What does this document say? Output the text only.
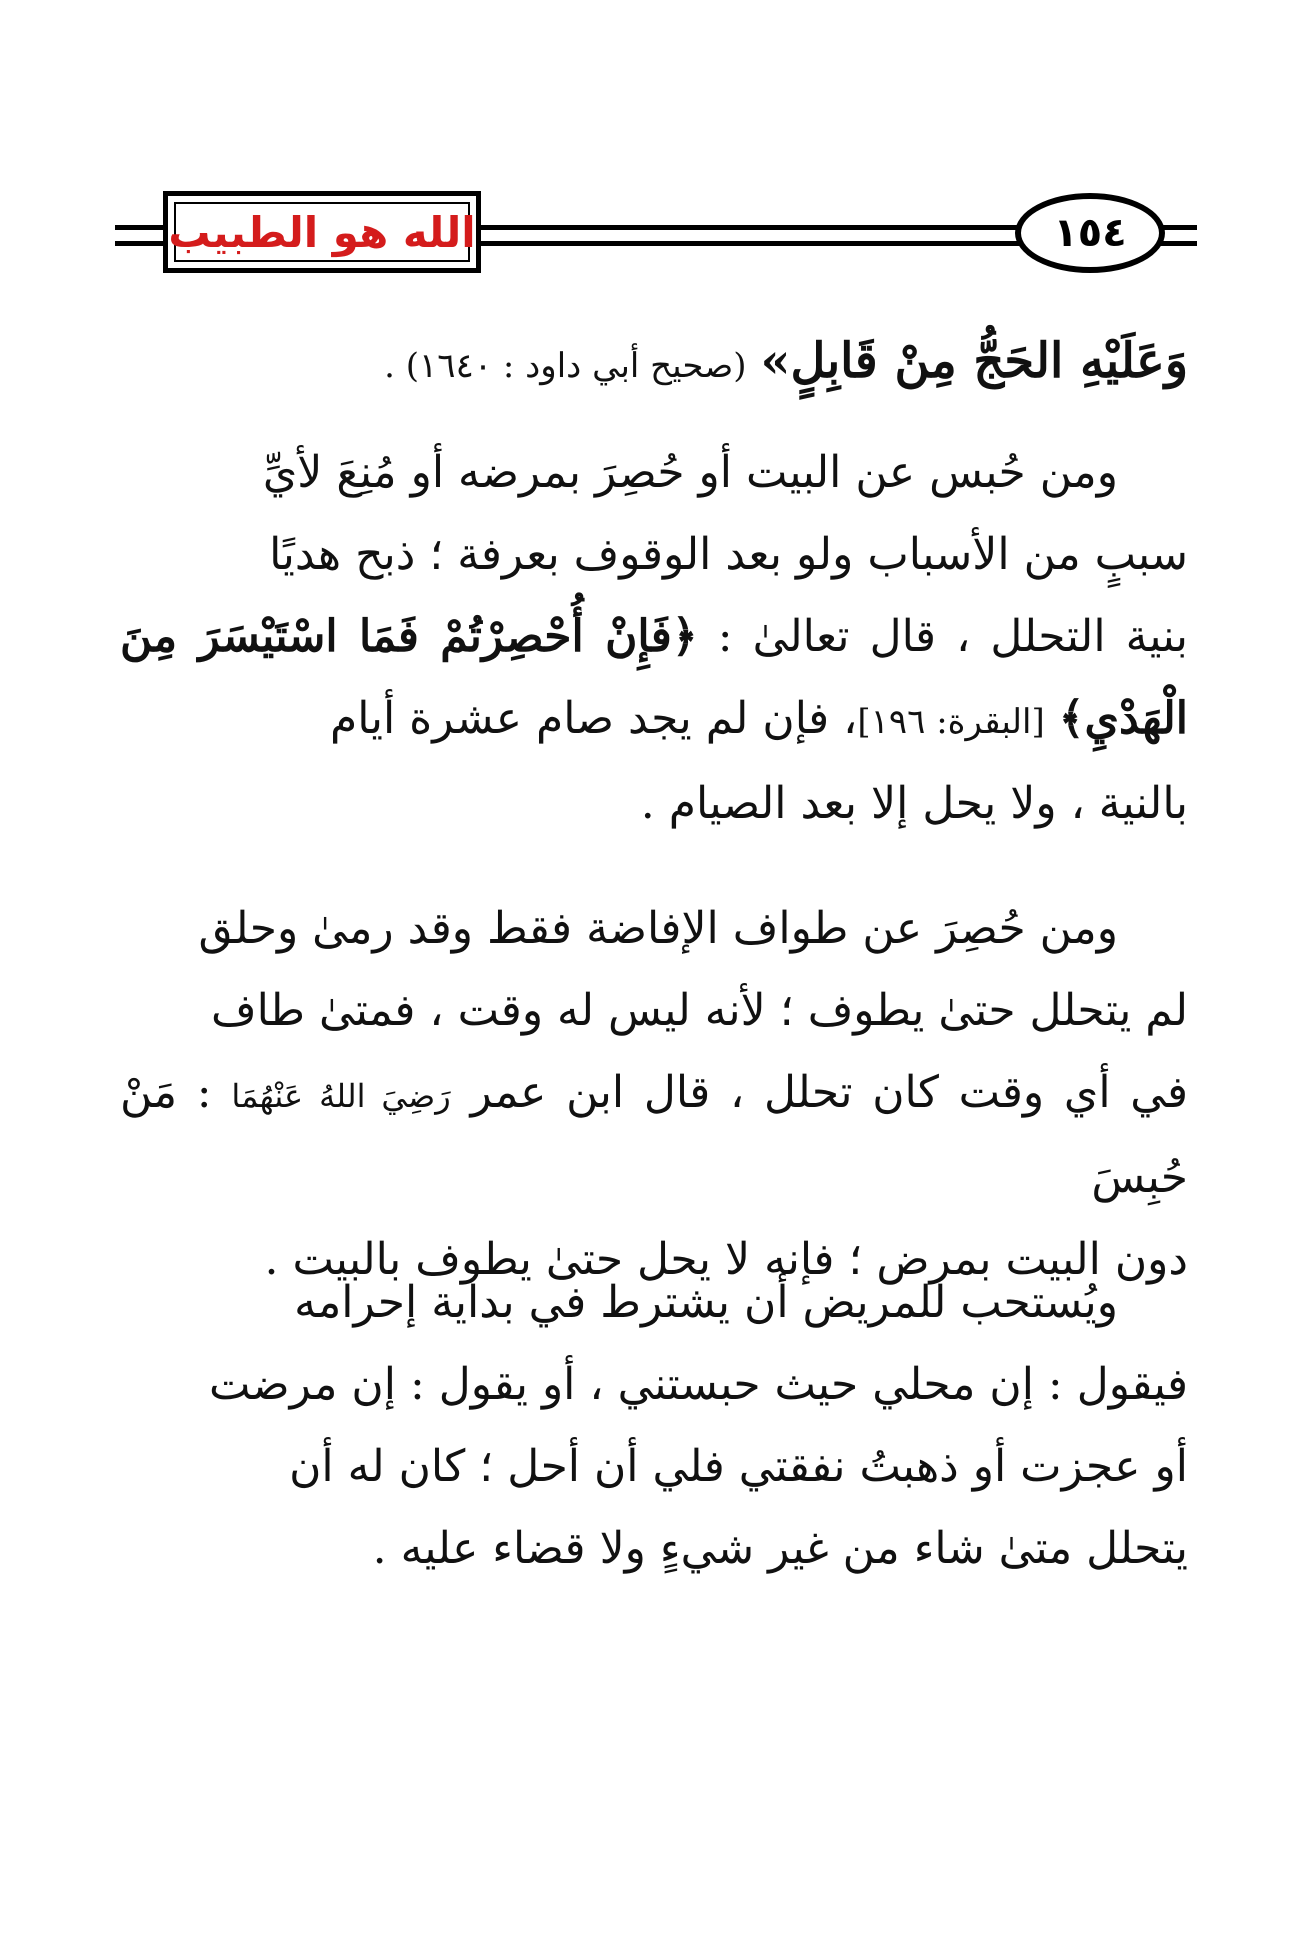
الله هو الطبيب	١٥٤
وَعَلَيْهِ الحَجُّ مِنْ قَابِلٍ» (صحيح أبي داود : ١٦٤٠) .
ومن حُبس عن البيت أو حُصِرَ بمرضه أو مُنِعَ لأيِّ
سببٍ من الأسباب ولو بعد الوقوف بعرفة ؛ ذبح هديًا
بنية التحلل ، قال تعالىٰ : ﴿فَإِنْ أُحْصِرْتُمْ فَمَا اسْتَيْسَرَ مِنَ الْهَدْيِ﴾ [البقرة: ١٩٦]، فإن لم يجد صام عشرة أيام
بالنية ، ولا يحل إلا بعد الصيام .
ومن حُصِرَ عن طواف الإفاضة فقط وقد رمىٰ وحلق
لم يتحلل حتىٰ يطوف ؛ لأنه ليس له وقت ، فمتىٰ طاف
في أي وقت كان تحلل ، قال ابن عمر رَضِيَ اللهُ عَنْهُمَا : مَنْ حُبِسَ
دون البيت بمرض ؛ فإنه لا يحل حتىٰ يطوف بالبيت .
ويُستحب للمريض أن يشترط في بداية إحرامه
فيقول : إن محلي حيث حبستني ، أو يقول : إن مرضت
أو عجزت أو ذهبتُ نفقتي فلي أن أحل ؛ كان له أن
يتحلل متىٰ شاء من غير شيءٍ ولا قضاء عليه .
